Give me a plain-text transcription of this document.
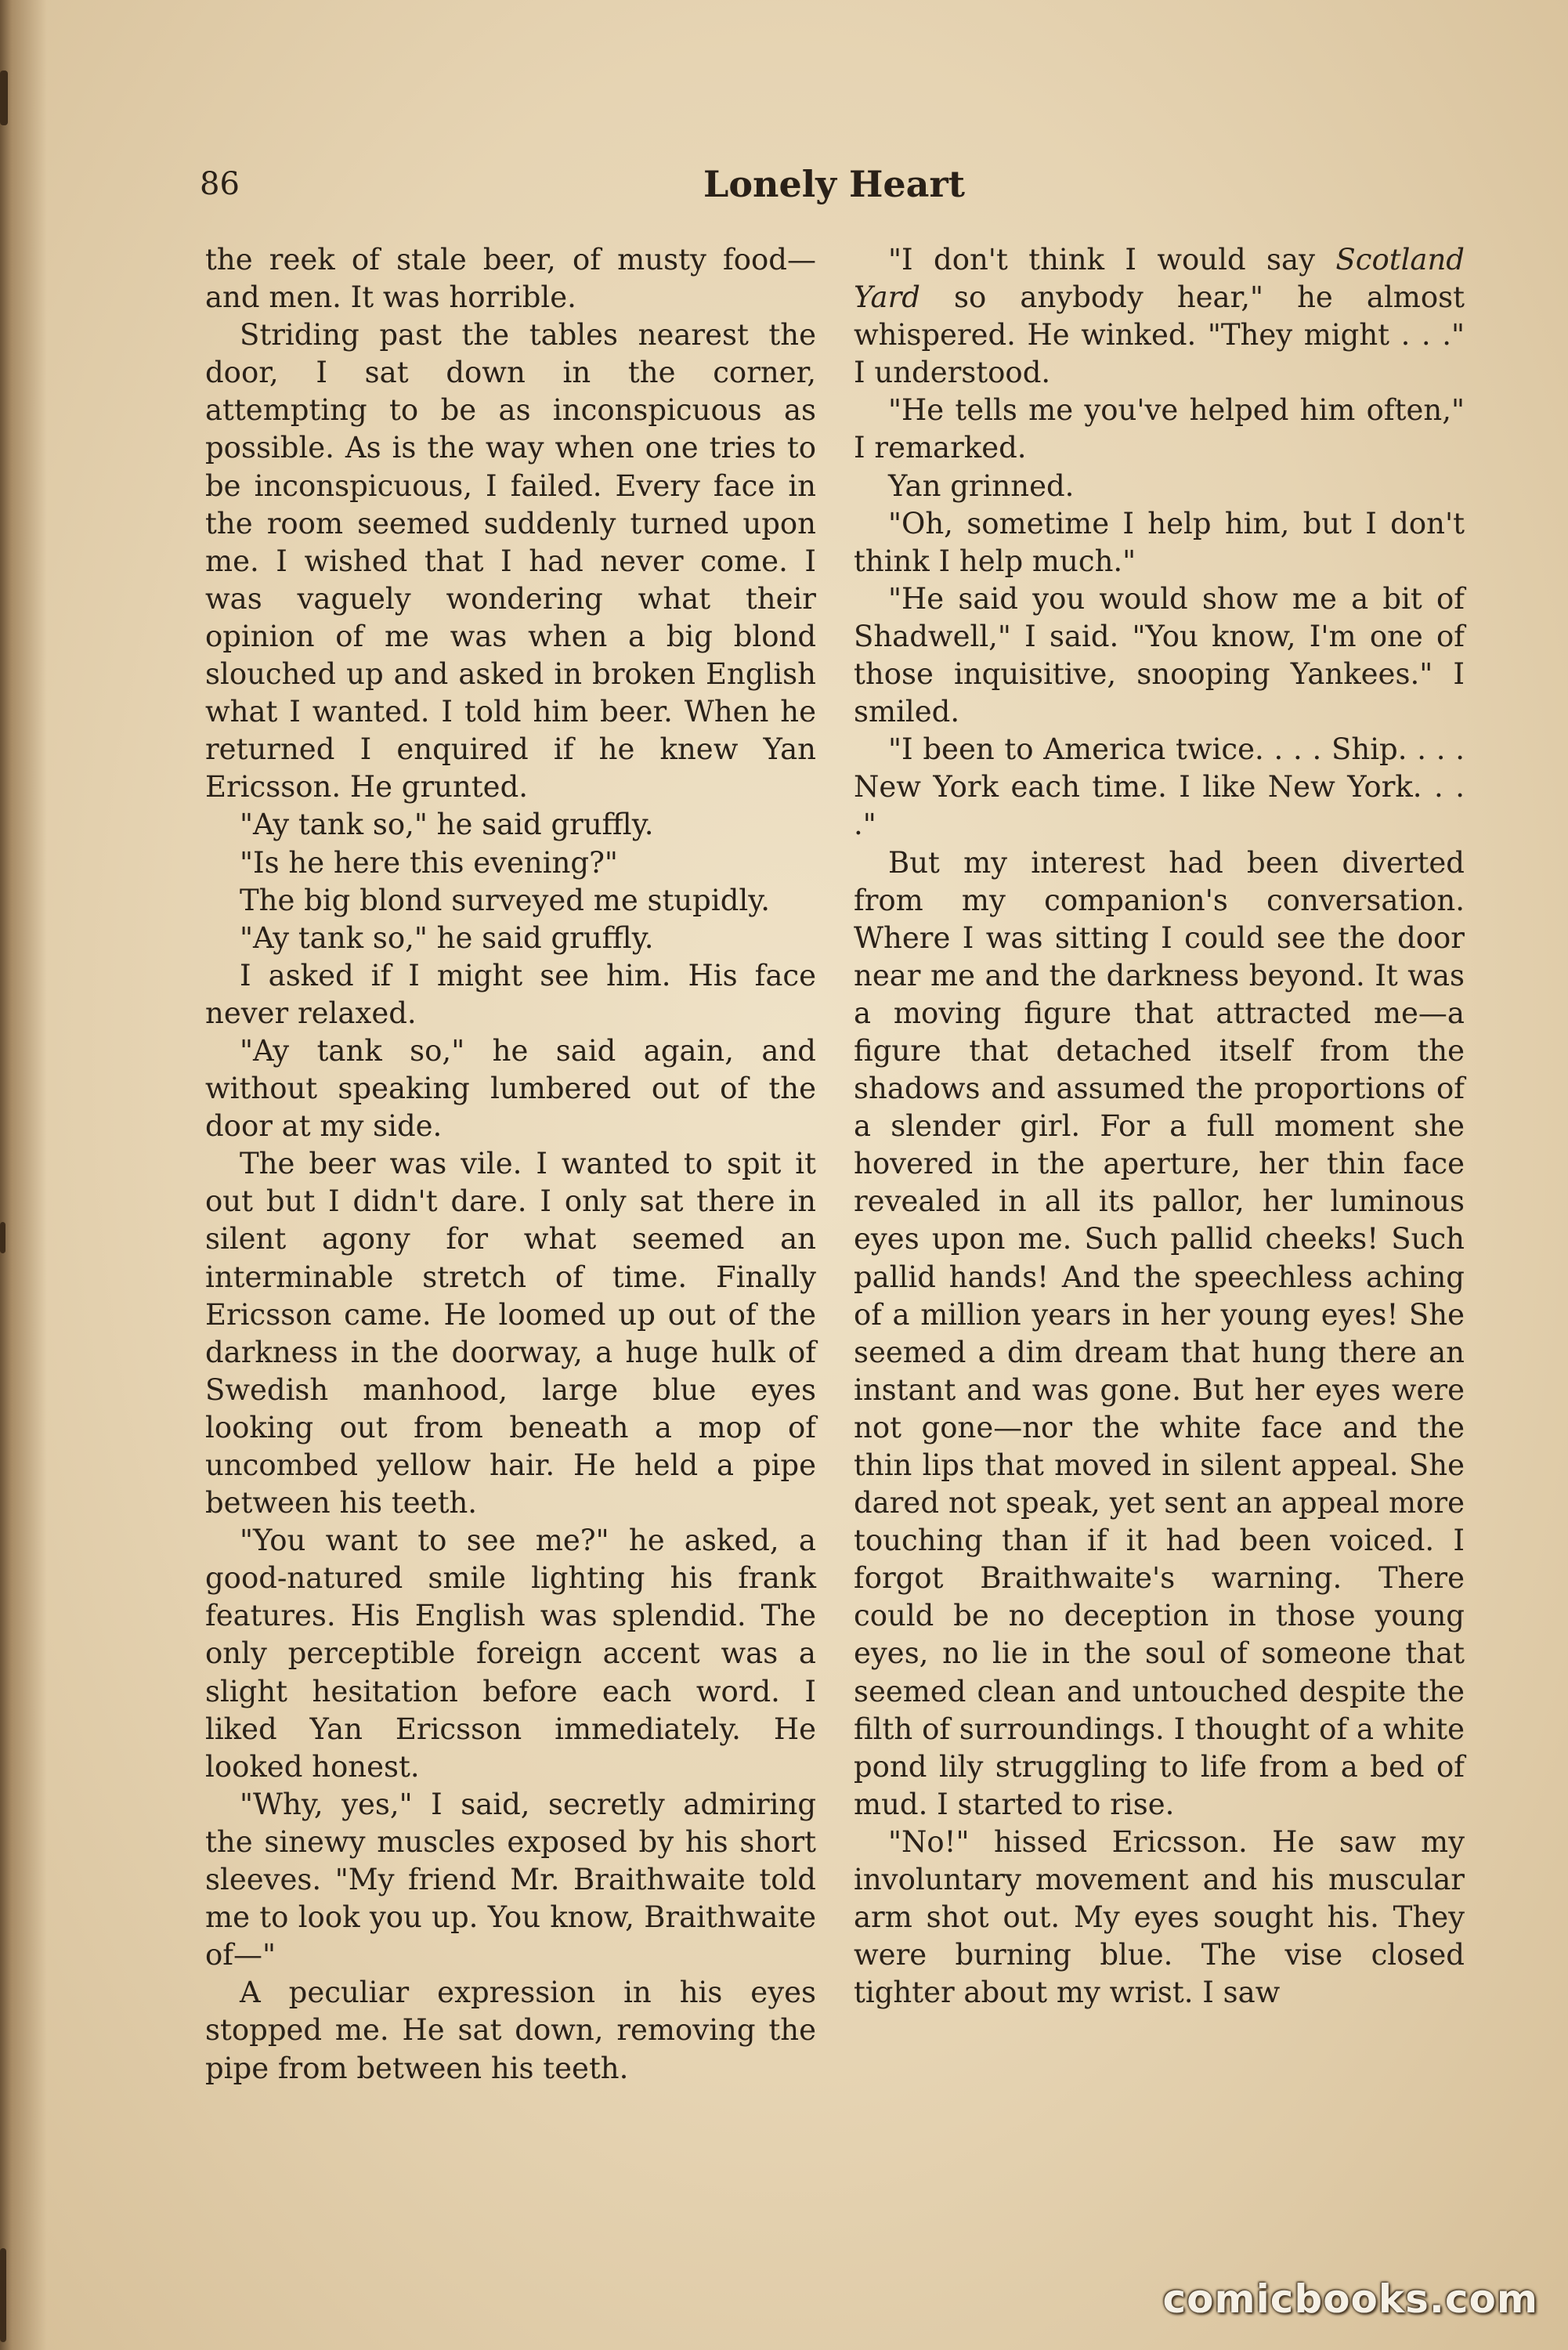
86	Lonely Heart

the reek of stale beer, of musty food—and men. It was horrible.

Striding past the tables nearest the door, I sat down in the corner, attempting to be as inconspicuous as possible. As is the way when one tries to be inconspicuous, I failed. Every face in the room seemed suddenly turned upon me. I wished that I had never come. I was vaguely wondering what their opinion of me was when a big blond slouched up and asked in broken English what I wanted. I told him beer. When he returned I enquired if he knew Yan Ericsson. He grunted.

"Ay tank so," he said gruffly.

"Is he here this evening?"

The big blond surveyed me stupidly.

"Ay tank so," he said gruffly.

I asked if I might see him. His face never relaxed.

"Ay tank so," he said again, and without speaking lumbered out of the door at my side.

The beer was vile. I wanted to spit it out but I didn't dare. I only sat there in silent agony for what seemed an interminable stretch of time. Finally Ericsson came. He loomed up out of the darkness in the doorway, a huge hulk of Swedish manhood, large blue eyes looking out from beneath a mop of uncombed yellow hair. He held a pipe between his teeth.

"You want to see me?" he asked, a good-natured smile lighting his frank features. His English was splendid. The only perceptible foreign accent was a slight hesitation before each word. I liked Yan Ericsson immediately. He looked honest.

"Why, yes," I said, secretly admiring the sinewy muscles exposed by his short sleeves. "My friend Mr. Braithwaite told me to look you up. You know, Braithwaite of—"

A peculiar expression in his eyes stopped me. He sat down, removing the pipe from between his teeth.

"I don't think I would say Scotland Yard so anybody hear," he almost whispered. He winked. "They might . . ." I understood.

"He tells me you've helped him often," I remarked.

Yan grinned.

"Oh, sometime I help him, but I don't think I help much."

"He said you would show me a bit of Shadwell," I said. "You know, I'm one of those inquisitive, snooping Yankees." I smiled.

"I been to America twice. . . . Ship. . . . New York each time. I like New York. . . ."

But my interest had been diverted from my companion's conversation. Where I was sitting I could see the door near me and the darkness beyond. It was a moving figure that attracted me—a figure that detached itself from the shadows and assumed the proportions of a slender girl. For a full moment she hovered in the aperture, her thin face revealed in all its pallor, her luminous eyes upon me. Such pallid cheeks! Such pallid hands! And the speechless aching of a million years in her young eyes! She seemed a dim dream that hung there an instant and was gone. But her eyes were not gone—nor the white face and the thin lips that moved in silent appeal. She dared not speak, yet sent an appeal more touching than if it had been voiced. I forgot Braithwaite's warning. There could be no deception in those young eyes, no lie in the soul of someone that seemed clean and untouched despite the filth of surroundings. I thought of a white pond lily struggling to life from a bed of mud. I started to rise.

"No!" hissed Ericsson. He saw my involuntary movement and his muscular arm shot out. My eyes sought his. They were burning blue. The vise closed tighter about my wrist. I saw

comicbooks.com
